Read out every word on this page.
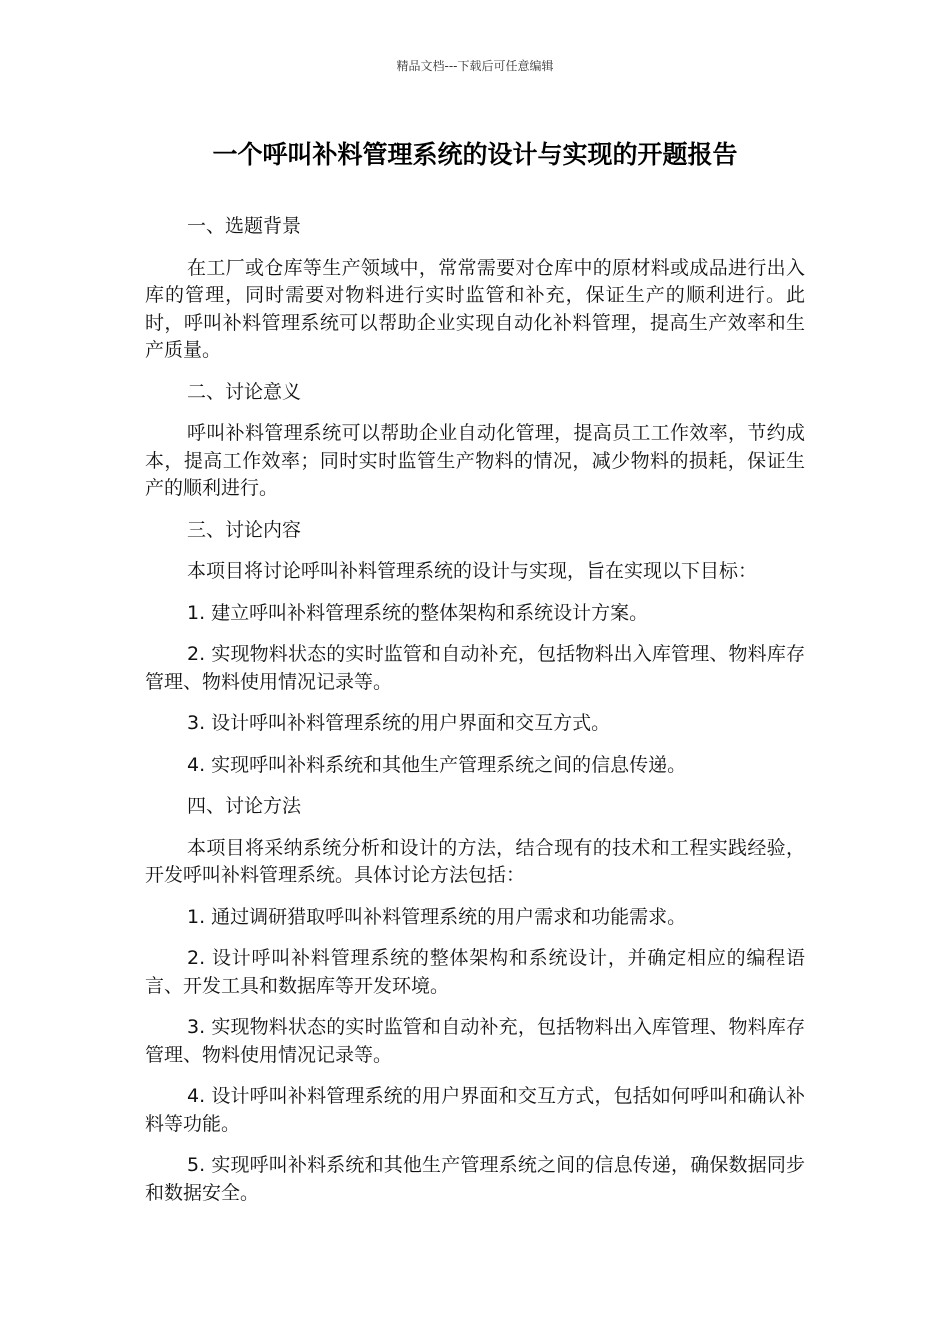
精品文档---下载后可任意编辑
一个呼叫补料管理系统的设计与实现的开题报告

一、选题背景

在工厂或仓库等生产领域中，常常需要对仓库中的原材料或成品进行出入库的管理，同时需要对物料进行实时监管和补充，保证生产的顺利进行。此时，呼叫补料管理系统可以帮助企业实现自动化补料管理，提高生产效率和生产质量。

二、讨论意义

呼叫补料管理系统可以帮助企业自动化管理，提高员工工作效率，节约成本，提高工作效率；同时实时监管生产物料的情况，减少物料的损耗，保证生产的顺利进行。

三、讨论内容

本项目将讨论呼叫补料管理系统的设计与实现，旨在实现以下目标：

1. 建立呼叫补料管理系统的整体架构和系统设计方案。

2. 实现物料状态的实时监管和自动补充，包括物料出入库管理、物料库存管理、物料使用情况记录等。

3. 设计呼叫补料管理系统的用户界面和交互方式。

4. 实现呼叫补料系统和其他生产管理系统之间的信息传递。

四、讨论方法

本项目将采纳系统分析和设计的方法，结合现有的技术和工程实践经验，开发呼叫补料管理系统。具体讨论方法包括：

1. 通过调研猎取呼叫补料管理系统的用户需求和功能需求。

2. 设计呼叫补料管理系统的整体架构和系统设计，并确定相应的编程语言、开发工具和数据库等开发环境。

3. 实现物料状态的实时监管和自动补充，包括物料出入库管理、物料库存管理、物料使用情况记录等。

4. 设计呼叫补料管理系统的用户界面和交互方式，包括如何呼叫和确认补料等功能。

5. 实现呼叫补料系统和其他生产管理系统之间的信息传递，确保数据同步和数据安全。
